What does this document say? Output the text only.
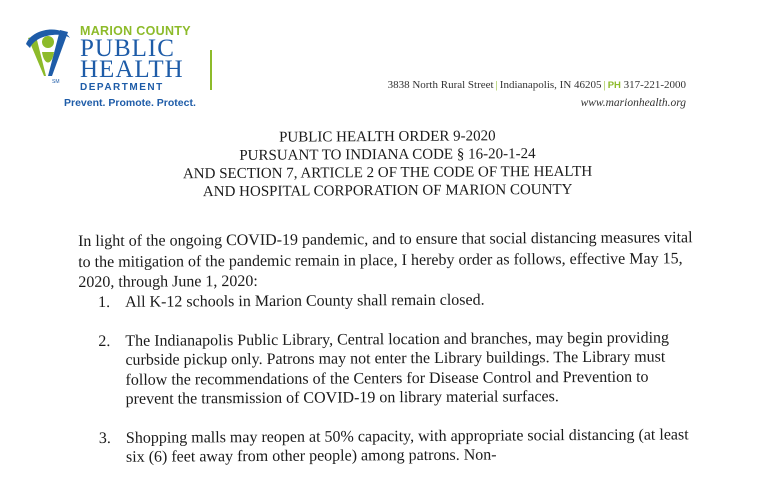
SM
MARION COUNTY
PUBLIC
HEALTH
DEPARTMENT
Prevent. Promote. Protect.
3838 North Rural Street | Indianapolis, IN 46205 | PH 317-221-2000
www.marionhealth.org
PUBLIC HEALTH ORDER 9-2020
PURSUANT TO INDIANA CODE § 16-20-1-24
AND SECTION 7, ARTICLE 2 OF THE CODE OF THE HEALTH
AND HOSPITAL CORPORATION OF MARION COUNTY

In light of the ongoing COVID-19 pandemic, and to ensure that social distancing measures vital to the mitigation of the pandemic remain in place, I hereby order as follows, effective May 15, 2020, through June 1, 2020:

1. All K-12 schools in Marion County shall remain closed.
2. The Indianapolis Public Library, Central location and branches, may begin providing curbside pickup only. Patrons may not enter the Library buildings. The Library must follow the recommendations of the Centers for Disease Control and Prevention to prevent the transmission of COVID-19 on library material surfaces.
3. Shopping malls may reopen at 50% capacity, with appropriate social distancing (at least six (6) feet away from other people) among patrons. Non-
